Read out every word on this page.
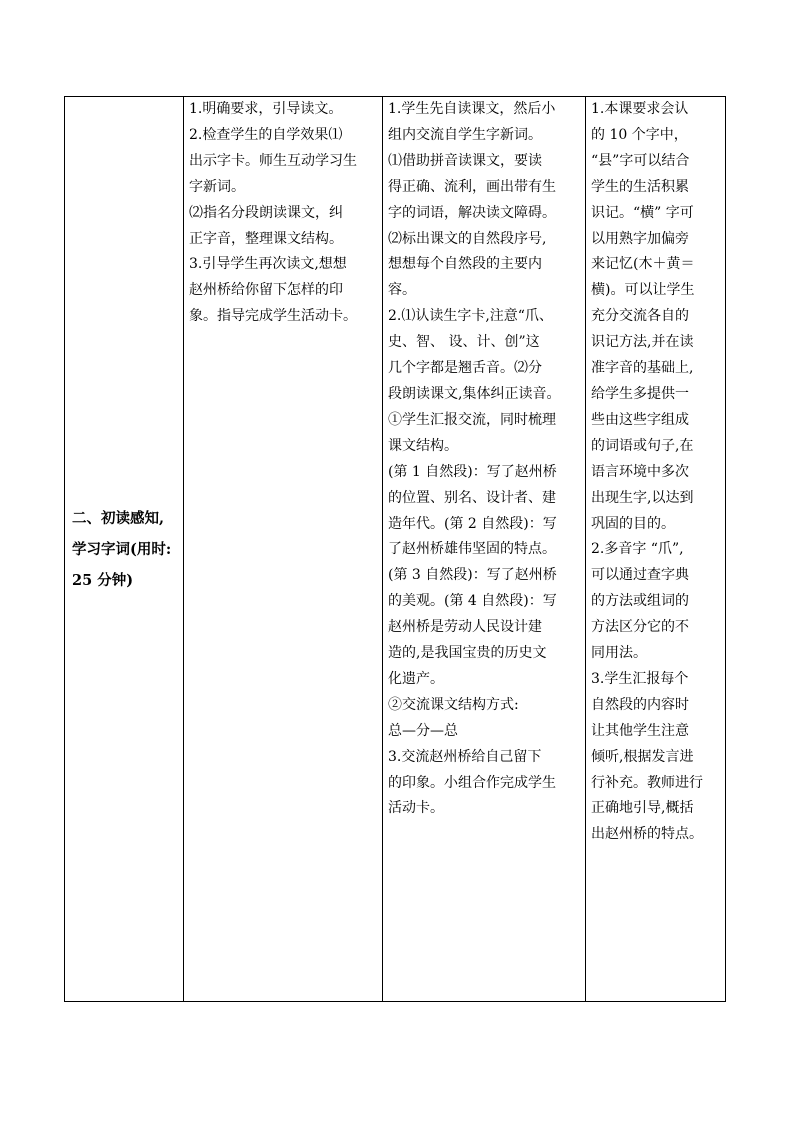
二、初读感知,
学习字词(用时:
25 分钟)

1.明确要求，引导读文。
2.检查学生的自学效果⑴
出示字卡。师生互动学习生
字新词。
⑵指名分段朗读课文，纠
正字音，整理课文结构。
3.引导学生再次读文,想想
赵州桥给你留下怎样的印
象。指导完成学生活动卡。

1.学生先自读课文，然后小
组内交流自学生字新词。
⑴借助拼音读课文，要读
得正确、流利，画出带有生
字的词语，解决读文障碍。
⑵标出课文的自然段序号,
想想每个自然段的主要内
容。
2.⑴认读生字卡,注意“爪、
史、智、 设、计、创”这
几个字都是翘舌音。⑵分
段朗读课文,集体纠正读音。
①学生汇报交流，同时梳理
课文结构。
(第 1 自然段)：写了赵州桥
的位置、别名、设计者、建
造年代。(第 2 自然段)：写
了赵州桥雄伟坚固的特点。
(第 3 自然段)：写了赵州桥
的美观。(第 4 自然段)：写
赵州桥是劳动人民设计建
造的,是我国宝贵的历史文
化遗产。
②交流课文结构方式:
总—分—总
3.交流赵州桥给自己留下
的印象。小组合作完成学生
活动卡。

1.本课要求会认
的 10 个字中，
“县”字可以结合
学生的生活积累
识记。“横” 字可
以用熟字加偏旁
来记忆(木＋黄＝
横)。可以让学生
充分交流各自的
识记方法,并在读
准字音的基础上,
给学生多提供一
些由这些字组成
的词语或句子,在
语言环境中多次
出现生字,以达到
巩固的目的。
2.多音字 “爪”,
可以通过查字典
的方法或组词的
方法区分它的不
同用法。
3.学生汇报每个
自然段的内容时
让其他学生注意
倾听,根据发言进
行补充。教师进行
正确地引导,概括
出赵州桥的特点。
